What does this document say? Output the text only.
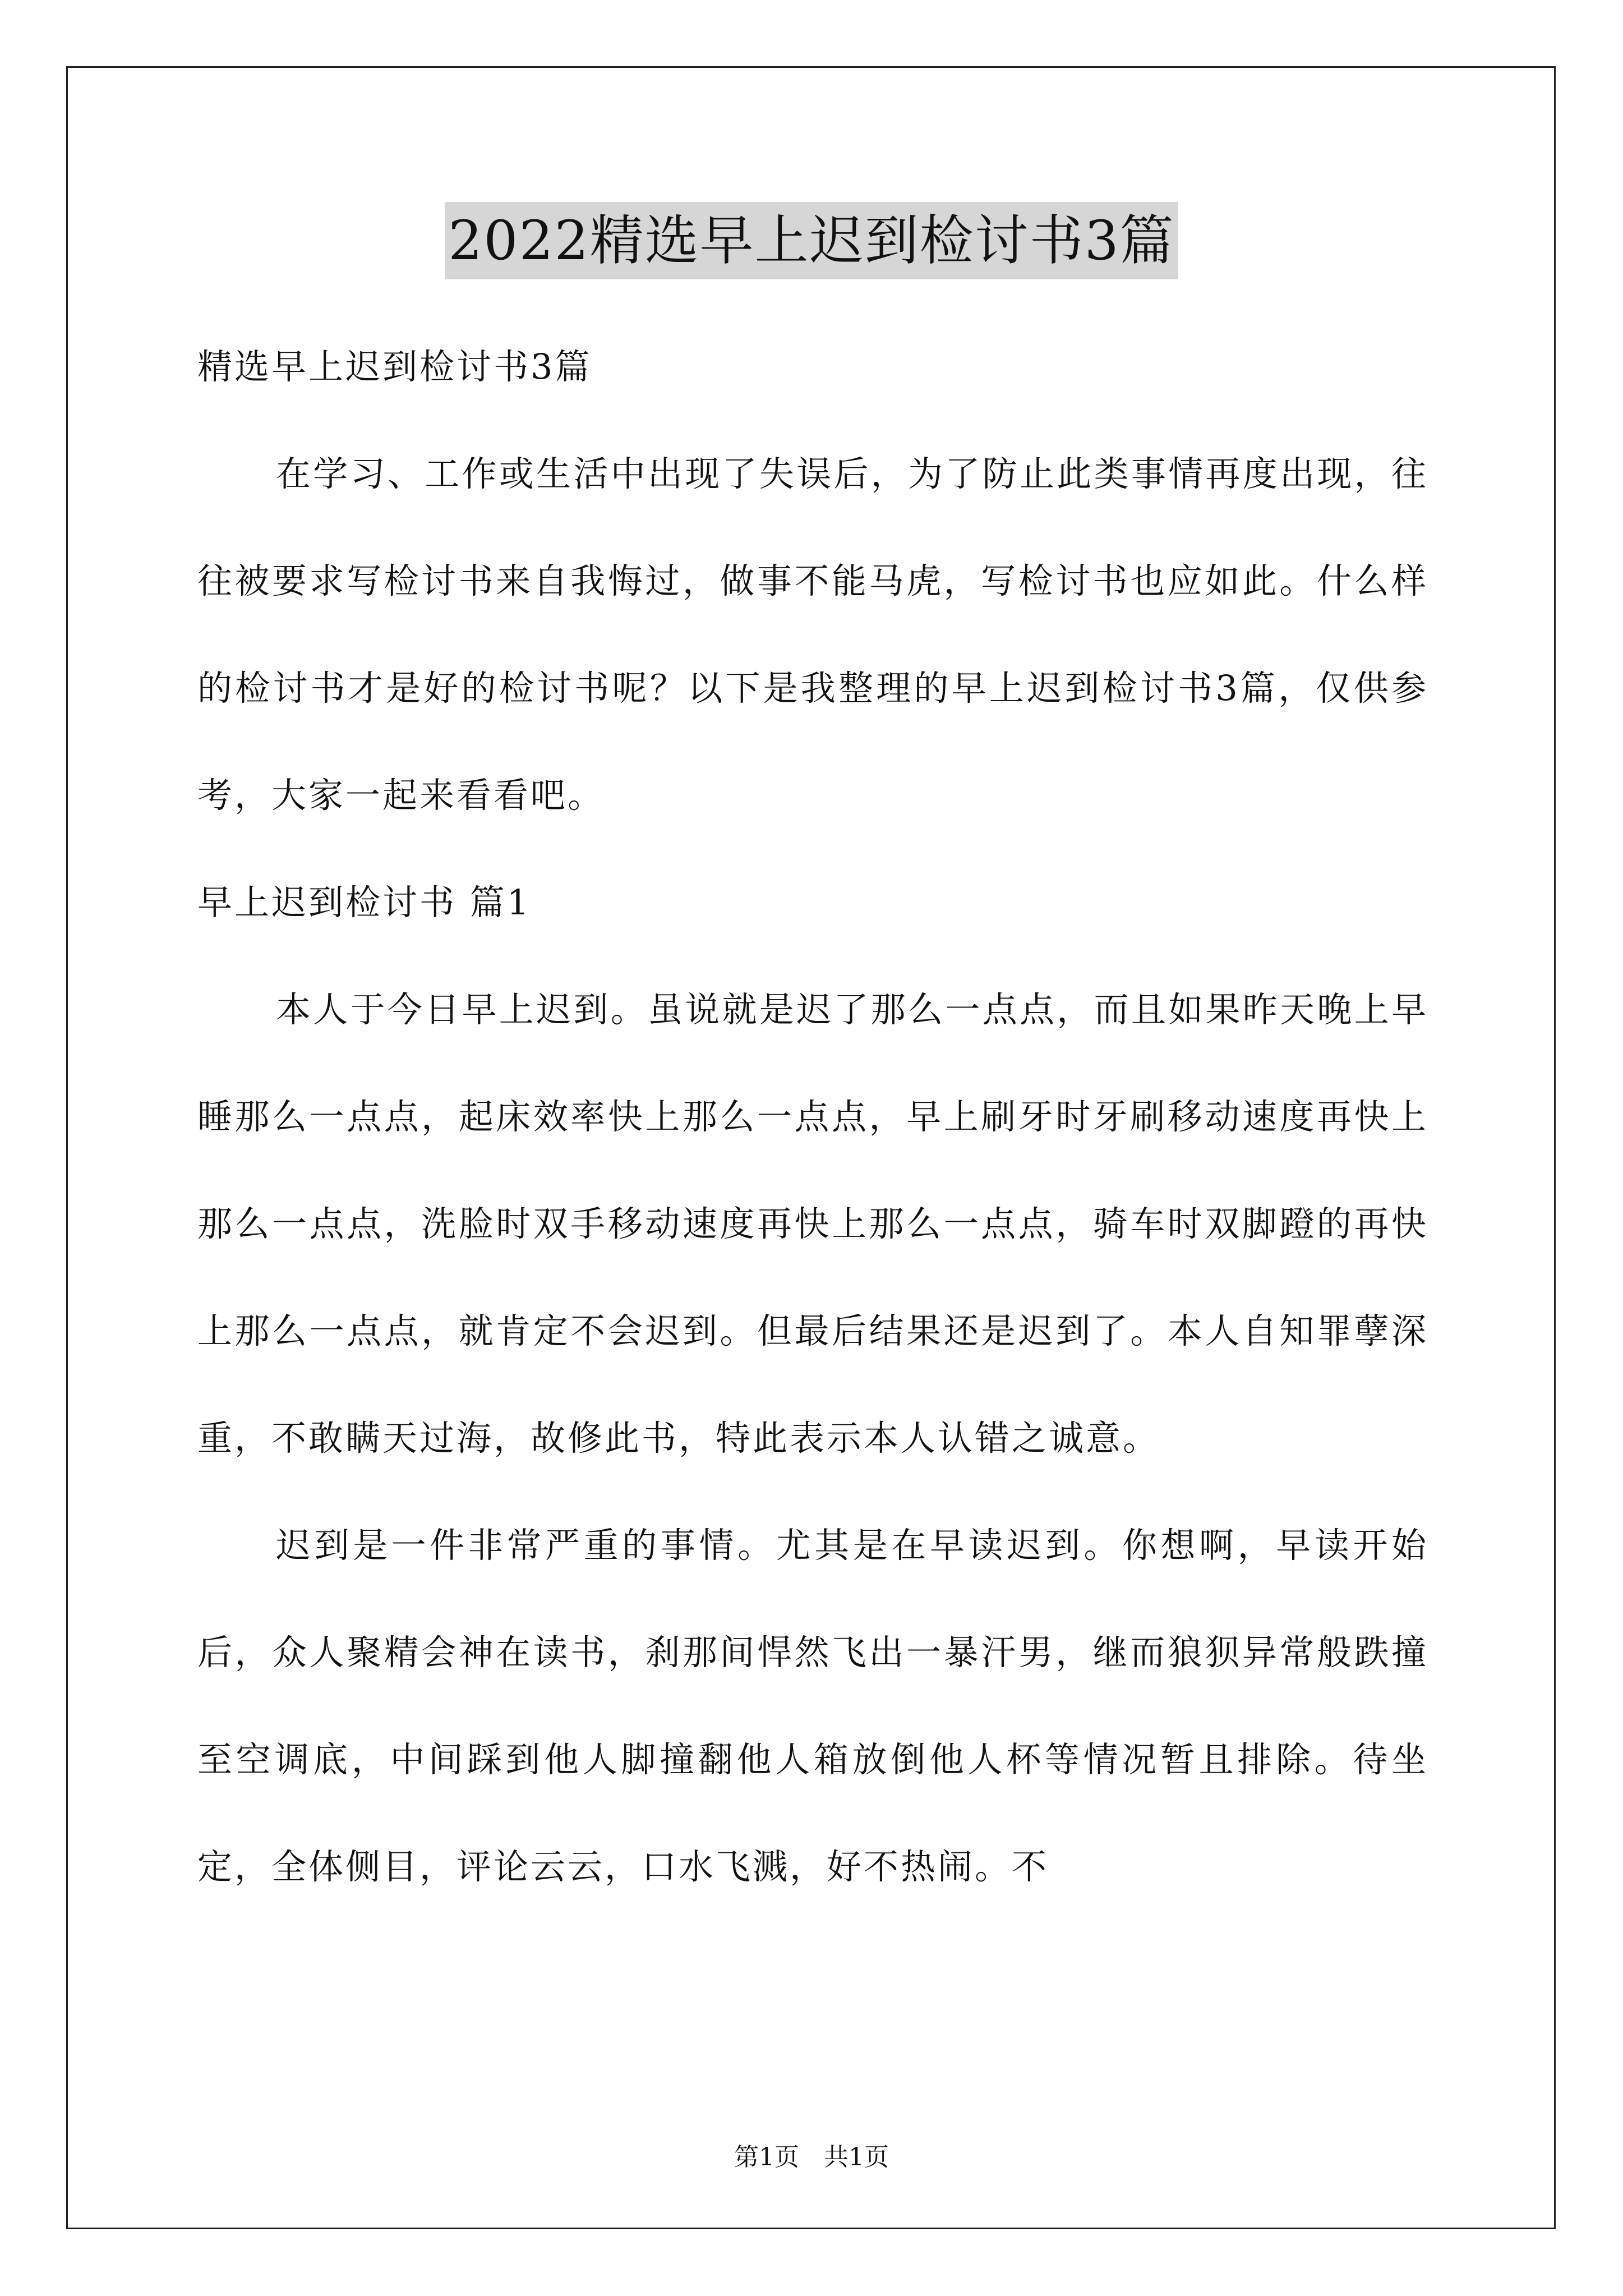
2022精选早上迟到检讨书3篇

精选早上迟到检讨书3篇

在学习、工作或生活中出现了失误后，为了防止此类事情再度出现，往往被要求写检讨书来自我悔过，做事不能马虎，写检讨书也应如此。什么样的检讨书才是好的检讨书呢？以下是我整理的早上迟到检讨书3篇，仅供参考，大家一起来看看吧。

早上迟到检讨书 篇1

本人于今日早上迟到。虽说就是迟了那么一点点，而且如果昨天晚上早睡那么一点点，起床效率快上那么一点点，早上刷牙时牙刷移动速度再快上那么一点点，洗脸时双手移动速度再快上那么一点点，骑车时双脚蹬的再快上那么一点点，就肯定不会迟到。但最后结果还是迟到了。本人自知罪孽深重，不敢瞒天过海，故修此书，特此表示本人认错之诚意。

迟到是一件非常严重的事情。尤其是在早读迟到。你想啊，早读开始后，众人聚精会神在读书，刹那间悍然飞出一暴汗男，继而狼狈异常般跌撞至空调底，中间踩到他人脚撞翻他人箱放倒他人杯等情况暂且排除。待坐定，全体侧目，评论云云，口水飞溅，好不热闹。不

第1页 共1页
